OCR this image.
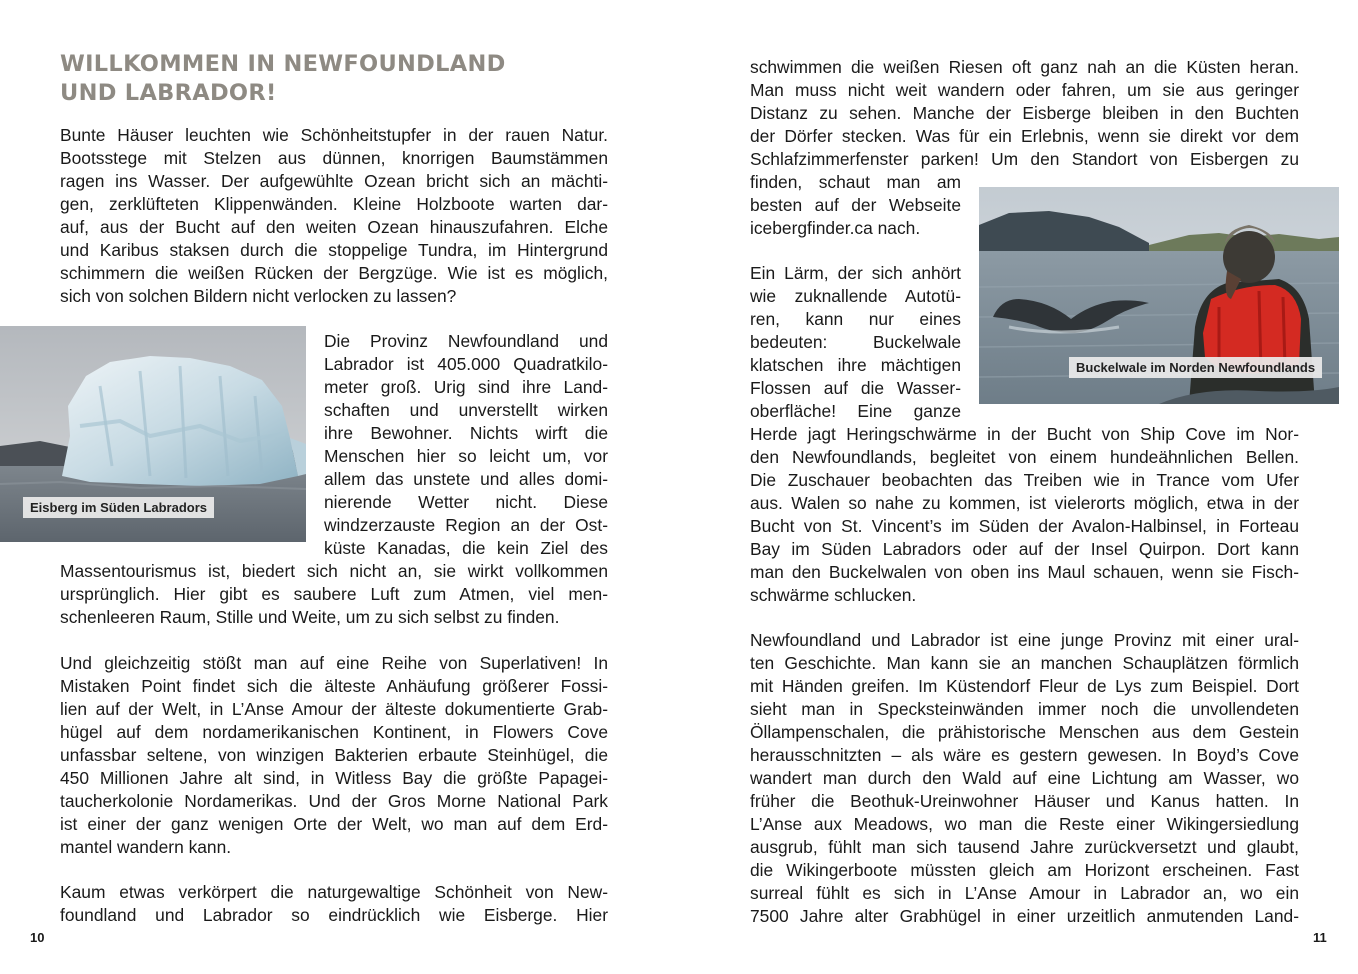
WILLKOMMEN IN NEWFOUNDLAND
UND LABRADOR!
Eisberg im Süden Labradors
Bunte Häuser leuchten wie Schönheitstupfer in der rauen Natur.
Bootsstege mit Stelzen aus dünnen, knorrigen Baumstämmen
ragen ins Wasser. Der aufgewühlte Ozean bricht sich an mächti-
gen, zerklüfteten Klippenwänden. Kleine Holzboote warten dar-
auf, aus der Bucht auf den weiten Ozean hinauszufahren. Elche
und Karibus staksen durch die stoppelige Tundra, im Hintergrund
schimmern die weißen Rücken der Bergzüge. Wie ist es möglich,
sich von solchen Bildern nicht verlocken zu lassen?
Die Provinz Newfoundland und
Labrador ist 405.000 Quadratkilo-
meter groß. Urig sind ihre Land-
schaften und unverstellt wirken
ihre Bewohner. Nichts wirft die
Menschen hier so leicht um, vor
allem das unstete und alles domi-
nierende Wetter nicht. Diese
windzerzauste Region an der Ost-
küste Kanadas, die kein Ziel des
Massentourismus ist, biedert sich nicht an, sie wirkt vollkommen
ursprünglich. Hier gibt es saubere Luft zum Atmen, viel men-
schenleeren Raum, Stille und Weite, um zu sich selbst zu finden.
Und gleichzeitig stößt man auf eine Reihe von Superlativen! In
Mistaken Point findet sich die älteste Anhäufung größerer Fossi-
lien auf der Welt, in L’Anse Amour der älteste dokumentierte Grab-
hügel auf dem nordamerikanischen Kontinent, in Flowers Cove
unfassbar seltene, von winzigen Bakterien erbaute Steinhügel, die
450 Millionen Jahre alt sind, in Witless Bay die größte Papagei-
taucherkolonie Nordamerikas. Und der Gros Morne National Park
ist einer der ganz wenigen Orte der Welt, wo man auf dem Erd-
mantel wandern kann.
Kaum etwas verkörpert die naturgewaltige Schönheit von New-
foundland und Labrador so eindrücklich wie Eisberge. Hier
10
Buckelwale im Norden Newfoundlands
schwimmen die weißen Riesen oft ganz nah an die Küsten heran.
Man muss nicht weit wandern oder fahren, um sie aus geringer
Distanz zu sehen. Manche der Eisberge bleiben in den Buchten
der Dörfer stecken. Was für ein Erlebnis, wenn sie direkt vor dem
Schlafzimmerfenster parken! Um den Standort von Eisbergen zu
finden, schaut man am
besten auf der Webseite
icebergfinder.ca nach.
Ein Lärm, der sich anhört
wie zuknallende Autotü-
ren, kann nur eines
bedeuten: Buckelwale
klatschen ihre mächtigen
Flossen auf die Wasser-
oberfläche! Eine ganze
Herde jagt Heringschwärme in der Bucht von Ship Cove im Nor-
den Newfoundlands, begleitet von einem hundeähnlichen Bellen.
Die Zuschauer beobachten das Treiben wie in Trance vom Ufer
aus. Walen so nahe zu kommen, ist vielerorts möglich, etwa in der
Bucht von St. Vincent’s im Süden der Avalon-Halbinsel, in Forteau
Bay im Süden Labradors oder auf der Insel Quirpon. Dort kann
man den Buckelwalen von oben ins Maul schauen, wenn sie Fisch-
schwärme schlucken.
Newfoundland und Labrador ist eine junge Provinz mit einer ural-
ten Geschichte. Man kann sie an manchen Schauplätzen förmlich
mit Händen greifen. Im Küstendorf Fleur de Lys zum Beispiel. Dort
sieht man in Specksteinwänden immer noch die unvollendeten
Öllampenschalen, die prähistorische Menschen aus dem Gestein
herausschnitzten – als wäre es gestern gewesen. In Boyd’s Cove
wandert man durch den Wald auf eine Lichtung am Wasser, wo
früher die Beothuk-Ureinwohner Häuser und Kanus hatten. In
L’Anse aux Meadows, wo man die Reste einer Wikingersiedlung
ausgrub, fühlt man sich tausend Jahre zurückversetzt und glaubt,
die Wikingerboote müssten gleich am Horizont erscheinen. Fast
surreal fühlt es sich in L’Anse Amour in Labrador an, wo ein
7500 Jahre alter Grabhügel in einer urzeitlich anmutenden Land-
11
